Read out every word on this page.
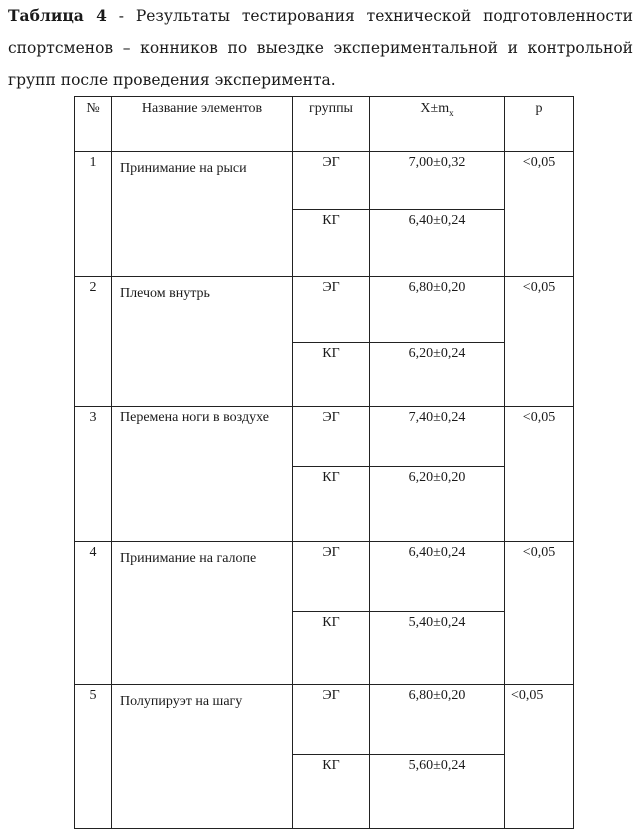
Таблица 4 - Результаты тестирования технической подготовленности спортсменов – конников по выездке экспериментальной и контрольной групп после проведения эксперимента.
№	Название элементов	группы	$X\pm m_x$	p
1	Принимание на рыси	ЭГ	7,00±0,32	<0,05
		КГ	6,40±0,24	
2	Плечом внутрь	ЭГ	6,80±0,20	<0,05
		КГ	6,20±0,24	
3	Перемена ноги в воздухе	ЭГ	7,40±0,24	<0,05
		КГ	6,20±0,20	
4	Принимание на галопе	ЭГ	6,40±0,24	<0,05
		КГ	5,40±0,24	
5	Полупируэт на шагу	ЭГ	6,80±0,20	<0,05
		КГ	5,60±0,24	
